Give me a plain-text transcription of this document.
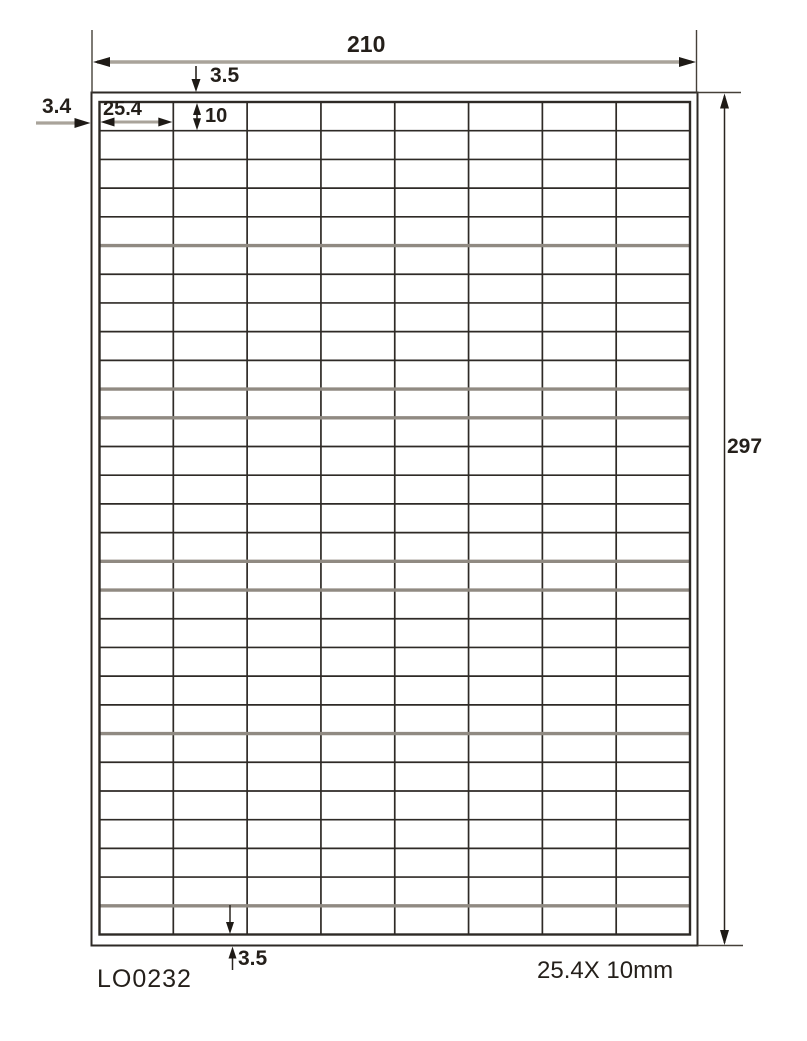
210
3.5
3.4 25.4	10
297
3.5
LO0232	25.4X 10mm
